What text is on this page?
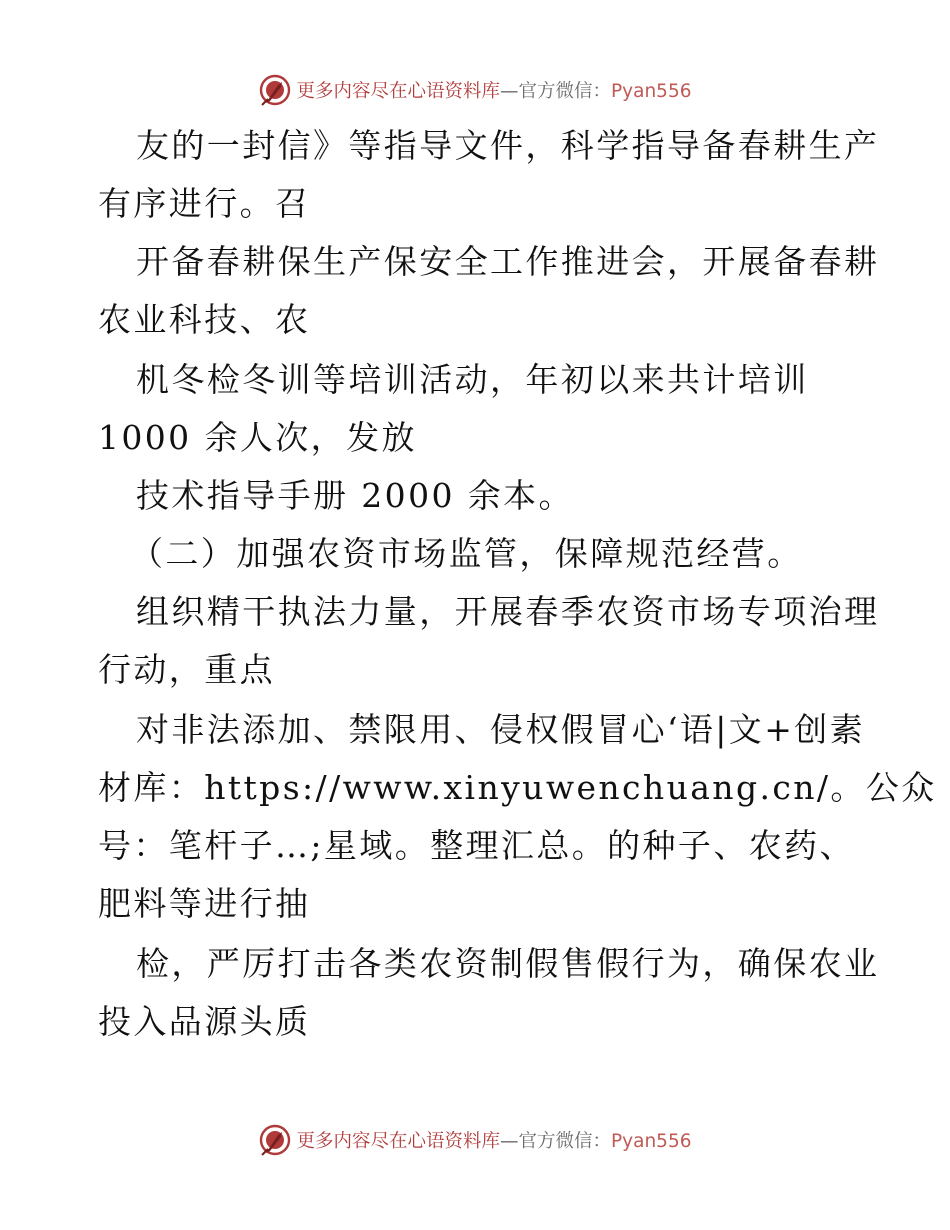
更多内容尽在心语资料库—官方微信：Pyan556
友的一封信》等指导文件，科学指导备春耕生产
有序进行。召
开备春耕保生产保安全工作推进会，开展备春耕
农业科技、农
机冬检冬训等培训活动，年初以来共计培训
1000 余人次，发放
技术指导手册 2000 余本。
（二）加强农资市场监管，保障规范经营。
组织精干执法力量，开展春季农资市场专项治理
行动，重点
对非法添加、禁限用、侵权假冒心‘语|文+创素
材库：https://www.xinyuwenchuang.cn/。公众
号：笔杆子…;星域。整理汇总。的种子、农药、
肥料等进行抽
检，严厉打击各类农资制假售假行为，确保农业
投入品源头质
更多内容尽在心语资料库—官方微信：Pyan556
